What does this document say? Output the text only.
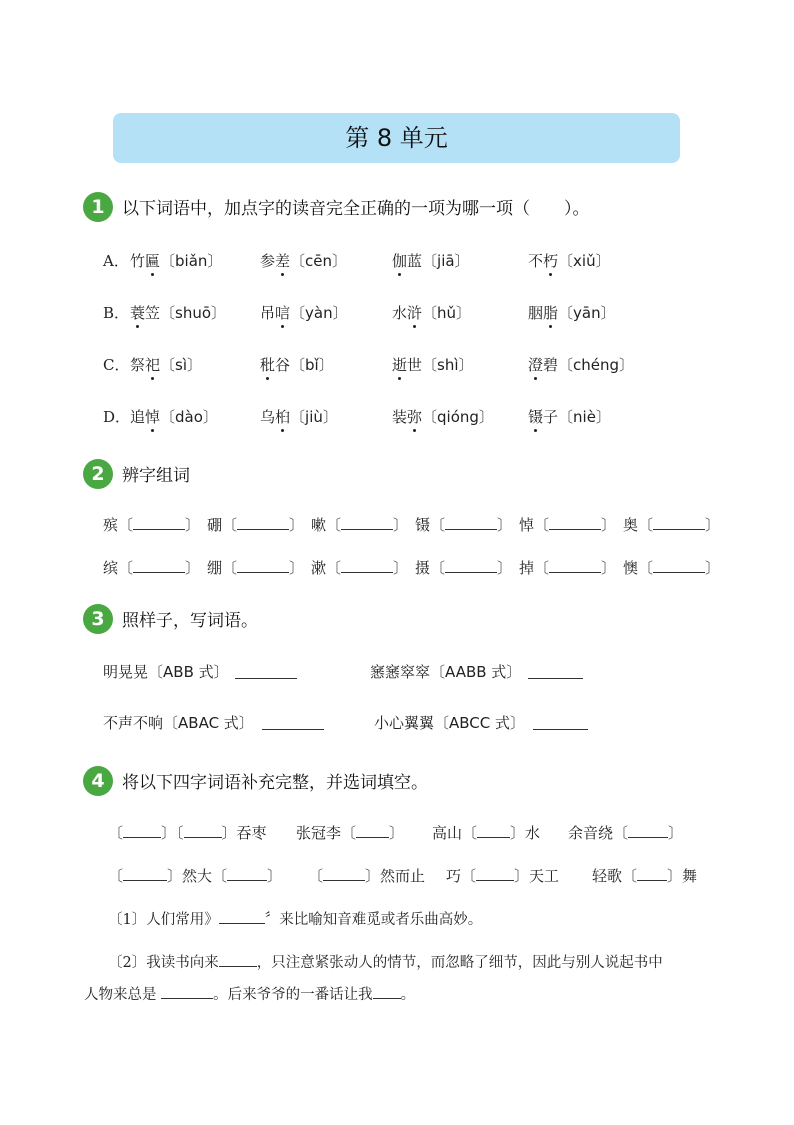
第 8 单元
1	以下词语中，加点字的读音完全正确的一项为哪一项（　　）。
A． 竹匾〔biǎn〕	参差〔cēn〕	伽蓝〔jiā〕	不朽〔xiǔ〕
B． 蓑笠〔shuō〕 吊唁〔yàn〕	水浒〔hǔ〕	胭脂〔yān〕
C． 祭祀〔sì〕	秕谷〔bǐ〕	逝世〔shì〕	澄碧〔chéng〕
D． 追悼〔dào〕	乌桕〔jiù〕	装弥〔qióng〕 镊子〔niè〕
2	辨字组词
殡〔	〕 硼〔	〕 嗽〔	〕 镊〔	〕 悼〔	〕 奥〔	〕
缤〔	〕 绷〔	〕 漱〔	〕 摄〔	〕 掉〔	〕 懊〔	〕
3	照样子，写词语。
明晃晃〔ABB 式〕	窸窸窣窣〔AABB 式〕
不声不响〔ABAC 式〕	小心翼翼〔ABCC 式〕
4	将以下四字词语补充完整，并选词填空。
〔	〕〔	〕吞枣 张冠李〔 〕 高山〔 〕水 余音绕〔	〕
〔	〕然大〔	〕 〔	〕然而止 巧〔	〕天工 轻歌〔 〕舞
〔1〕人们常用》	〞来比喻知音难觅或者乐曲高妙。
〔2〕我读书向来	，只注意紧张动人的情节，而忽略了细节，因此与别人说起书中
人物来总是	。后来爷爷的一番话让我 。
